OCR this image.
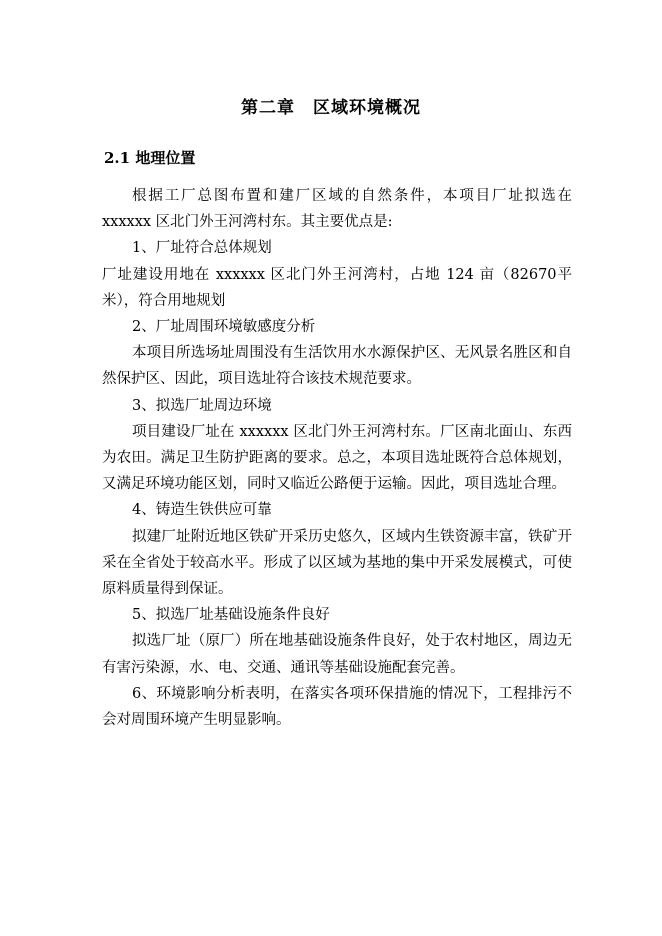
第二章　区域环境概况
2.1 地理位置

根据工厂总图布置和建厂区域的自然条件，本项目厂址拟选在xxxxxx 区北门外王河湾村东。其主要优点是:

1、厂址符合总体规划

厂址建设用地在 xxxxxx 区北门外王河湾村，占地 124 亩（82670平米），符合用地规划

2、厂址周围环境敏感度分析

本项目所选场址周围没有生活饮用水水源保护区、无风景名胜区和自然保护区、因此，项目选址符合该技术规范要求。

3、拟选厂址周边环境

项目建设厂址在 xxxxxx 区北门外王河湾村东。厂区南北面山、东西为农田。满足卫生防护距离的要求。总之，本项目选址既符合总体规划，又满足环境功能区划，同时又临近公路便于运输。因此，项目选址合理。

4、铸造生铁供应可靠

拟建厂址附近地区铁矿开采历史悠久，区域内生铁资源丰富，铁矿开采在全省处于较高水平。形成了以区域为基地的集中开采发展模式，可使原料质量得到保证。

5、拟选厂址基础设施条件良好

拟选厂址（原厂）所在地基础设施条件良好，处于农村地区，周边无有害污染源，水、电、交通、通讯等基础设施配套完善。

6、环境影响分析表明，在落实各项环保措施的情况下，工程排污不会对周围环境产生明显影响。
